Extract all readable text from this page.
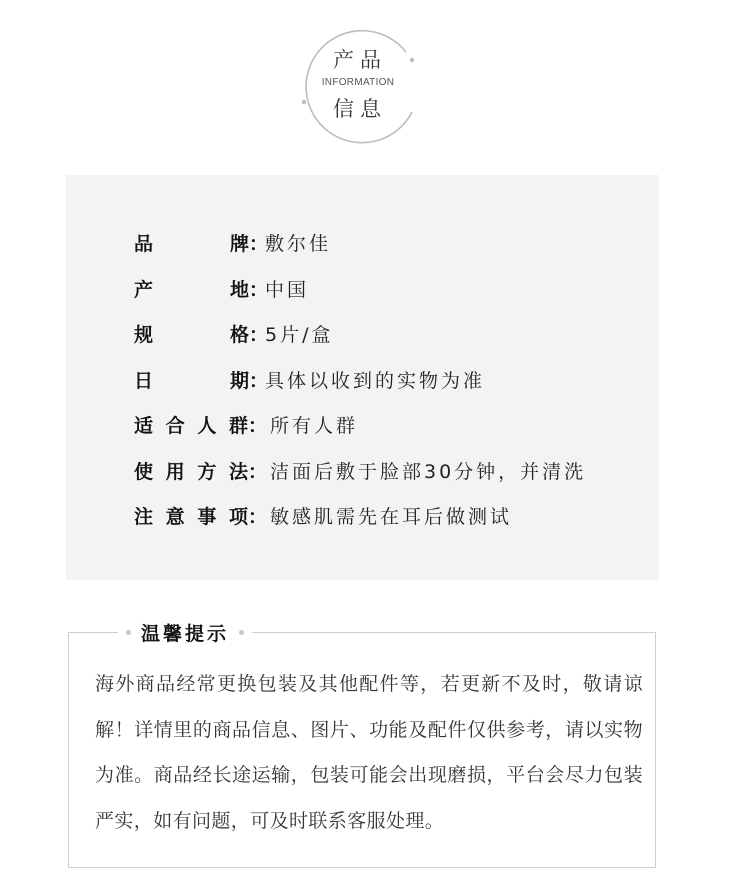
产品
INFORMATION
信息
品	牌 ：
敷尔佳
产	地 ：
中国
规	格 ：
5片/盒
日	期 ：
具体以收到的实物为准
适 合 人 群 ： 所有人群
使 用 方 法 ： 洁面后敷于脸部30分钟，并清洗
注 意 事 项 ： 敏感肌需先在耳后做测试
温馨提示
海外商品经常更换包装及其他配件等，若更新不及时，敬请谅解！详情里的商品信息、图片、功能及配件仅供参考，请以实物为准。商品经长途运输，包装可能会出现磨损，平台会尽力包装严实，如有问题，可及时联系客服处理。
